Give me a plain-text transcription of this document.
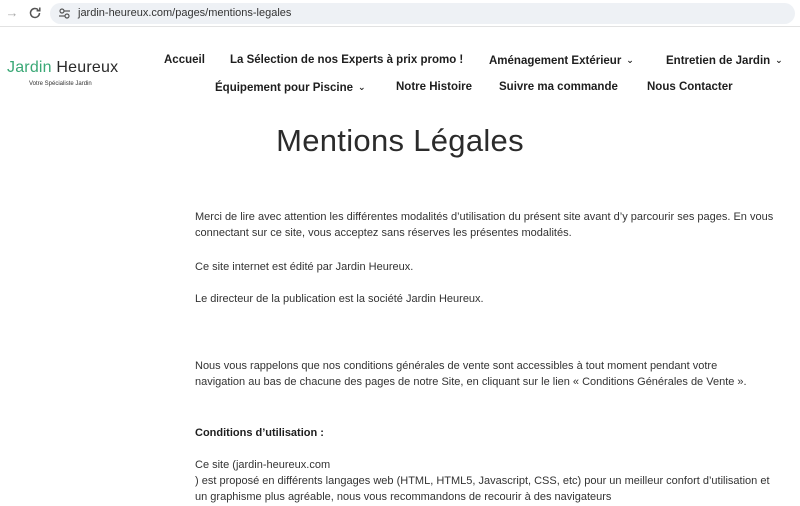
→	jardin-heureux.com/pages/mentions-legales
Jardin Heureux
Votre Spécialiste Jardin
Accueil La Sélection de nos Experts à prix promo ! Aménagement Extérieur ⌄	Entretien de Jardin ⌄
Équipement pour Piscine ⌄	Notre Histoire Suivre ma commande	Nous Contacter
Mentions Légales

Merci de lire avec attention les différentes modalités d’utilisation du présent site avant d’y parcourir ses pages. En vous connectant sur ce site, vous acceptez sans réserves les présentes modalités.

Ce site internet est édité par Jardin Heureux.

Le directeur de la publication est la société Jardin Heureux.

Nous vous rappelons que nos conditions générales de vente sont accessibles à tout moment pendant votre navigation au bas de chacune des pages de notre Site, en cliquant sur le lien « Conditions Générales de Vente ».

Conditions d’utilisation :

Ce site (jardin-heureux.com

) est proposé en différents langages web (HTML, HTML5, Javascript, CSS, etc) pour un meilleur confort d’utilisation et un graphisme plus agréable, nous vous recommandons de recourir à des navigateurs
